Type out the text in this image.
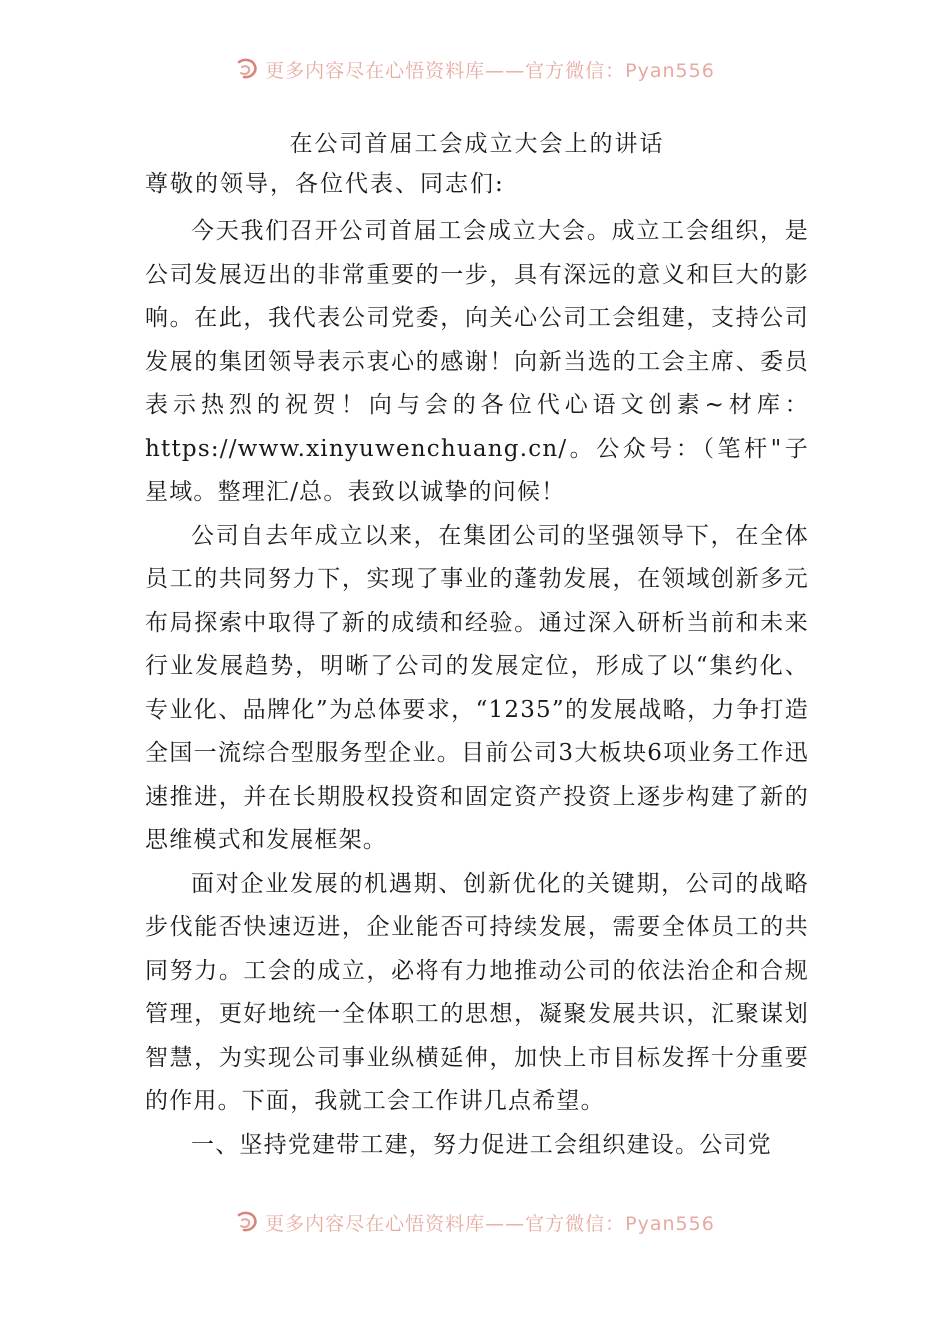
更多内容尽在心悟资料库——官方微信：Pyan556

在公司首届工会成立大会上的讲话

尊敬的领导，各位代表、同志们:

今天我们召开公司首届工会成立大会。成立工会组织，是公司发展迈出的非常重要的一步，具有深远的意义和巨大的影响。在此，我代表公司党委，向关心公司工会组建，支持公司发展的集团领导表示衷心的感谢！向新当选的工会主席、委员表示热烈的祝贺！向与会的各位代心语文创素~材库：https://www.xinyuwenchuang.cn/。公众号：（笔杆"子星域。整理汇/总。表致以诚挚的问候！

公司自去年成立以来，在集团公司的坚强领导下，在全体员工的共同努力下，实现了事业的蓬勃发展，在领域创新多元布局探索中取得了新的成绩和经验。通过深入研析当前和未来行业发展趋势，明晰了公司的发展定位，形成了以“集约化、专业化、品牌化”为总体要求，“1235”的发展战略，力争打造全国一流综合型服务型企业。目前公司3大板块6项业务工作迅速推进，并在长期股权投资和固定资产投资上逐步构建了新的思维模式和发展框架。

面对企业发展的机遇期、创新优化的关键期，公司的战略步伐能否快速迈进，企业能否可持续发展，需要全体员工的共同努力。工会的成立，必将有力地推动公司的依法治企和合规管理，更好地统一全体职工的思想，凝聚发展共识，汇聚谋划智慧，为实现公司事业纵横延伸，加快上市目标发挥十分重要的作用。下面，我就工会工作讲几点希望。

一、坚持党建带工建，努力促进工会组织建设。公司党

更多内容尽在心悟资料库——官方微信：Pyan556
